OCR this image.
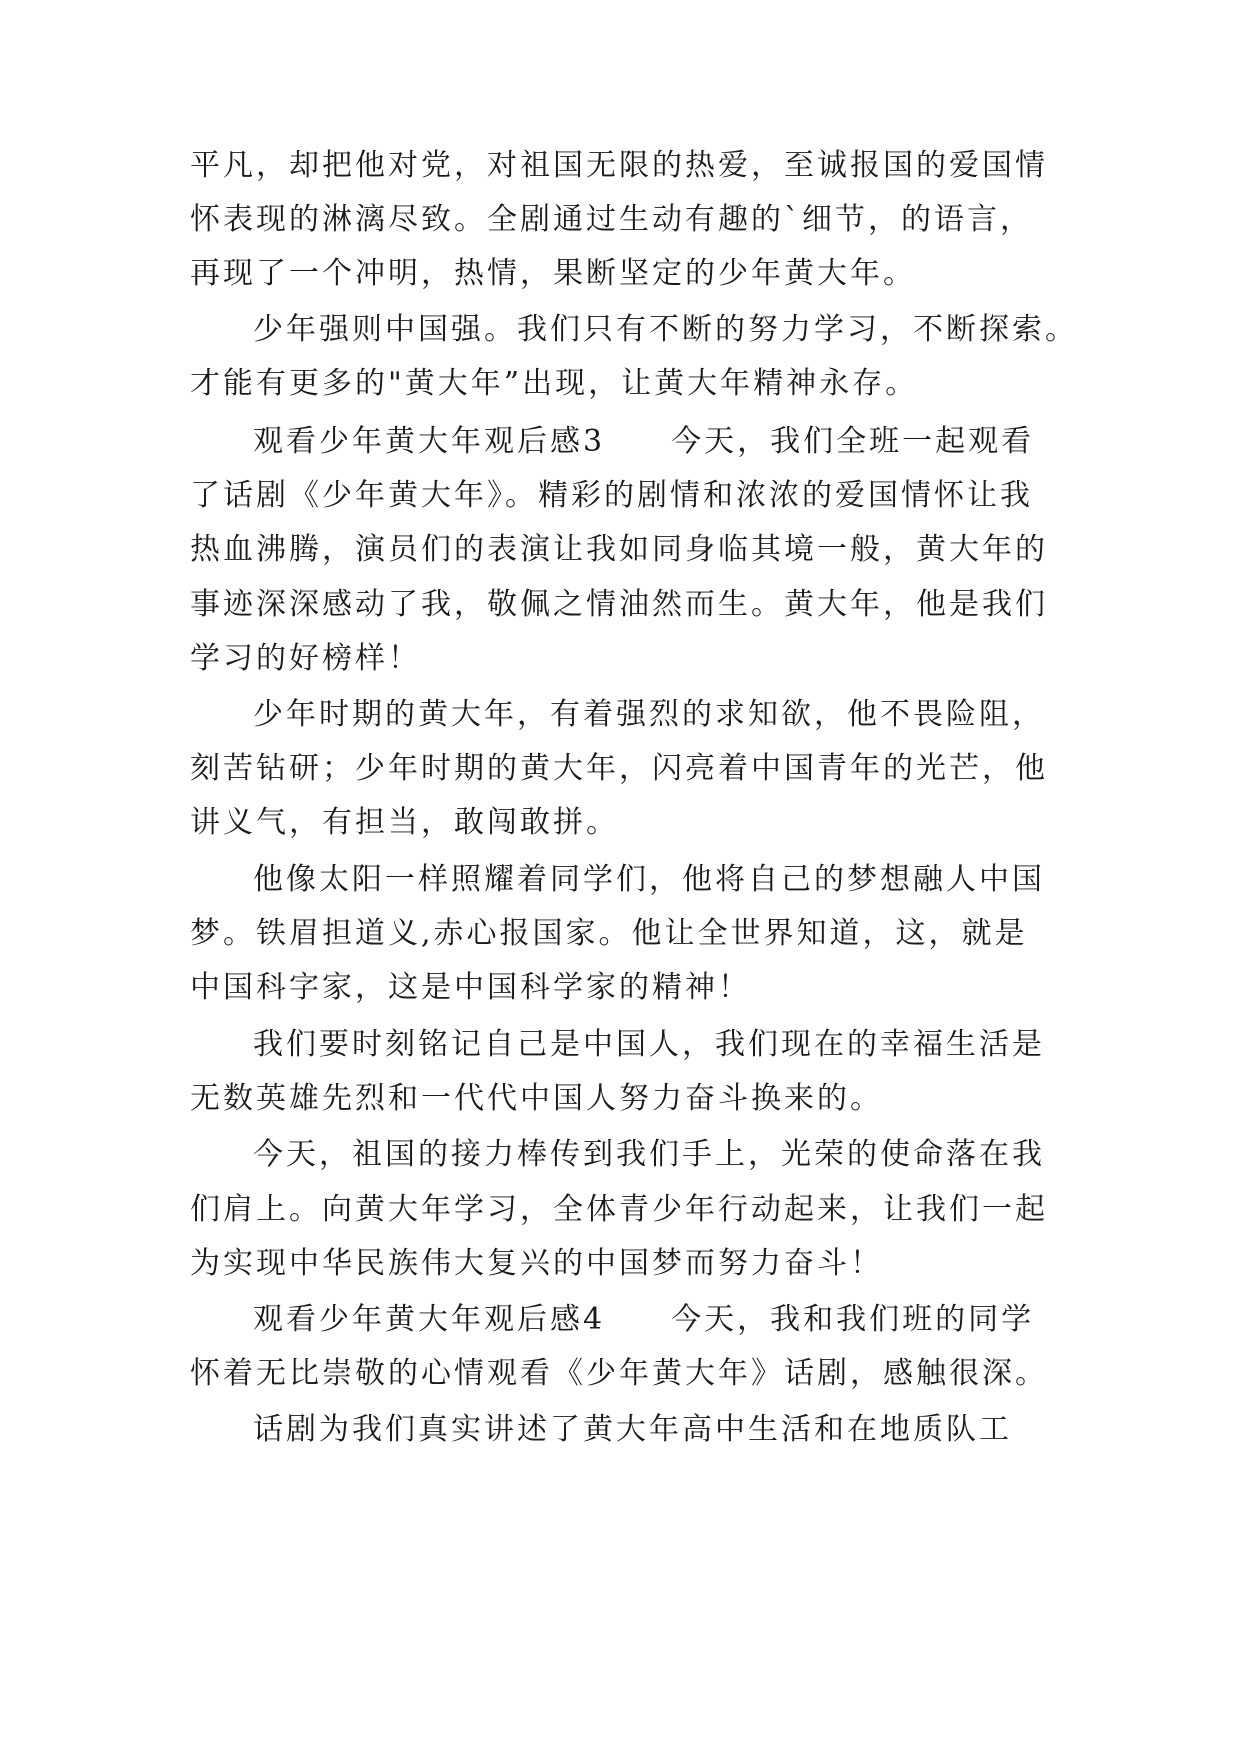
平凡，却把他对党，对祖国无限的热爱，至诚报国的爱国情
怀表现的淋漓尽致。全剧通过生动有趣的`细节，的语言，
再现了一个冲明，热情，果断坚定的少年黄大年。
少年强则中国强。我们只有不断的努力学习，不断探索。
才能有更多的"黄大年”出现，让黄大年精神永存。
观看少年黄大年观后感3　　今天，我们全班一起观看
了话剧《少年黄大年》。精彩的剧情和浓浓的爱国情怀让我
热血沸腾，演员们的表演让我如同身临其境一般，黄大年的
事迹深深感动了我，敬佩之情油然而生。黄大年，他是我们
学习的好榜样！
少年时期的黄大年，有着强烈的求知欲，他不畏险阻，
刻苦钻研；少年时期的黄大年，闪亮着中国青年的光芒，他
讲义气，有担当，敢闯敢拼。
他像太阳一样照耀着同学们，他将自己的梦想融人中国
梦。铁眉担道义,赤心报国家。他让全世界知道，这，就是
中国科字家，这是中国科学家的精神！
我们要时刻铭记自己是中国人，我们现在的幸福生活是
无数英雄先烈和一代代中国人努力奋斗换来的。
今天，祖国的接力棒传到我们手上，光荣的使命落在我
们肩上。向黄大年学习，全体青少年行动起来，让我们一起
为实现中华民族伟大复兴的中国梦而努力奋斗！
观看少年黄大年观后感4　　今天，我和我们班的同学
怀着无比崇敬的心情观看《少年黄大年》话剧，感触很深。
话剧为我们真实讲述了黄大年高中生活和在地质队工
